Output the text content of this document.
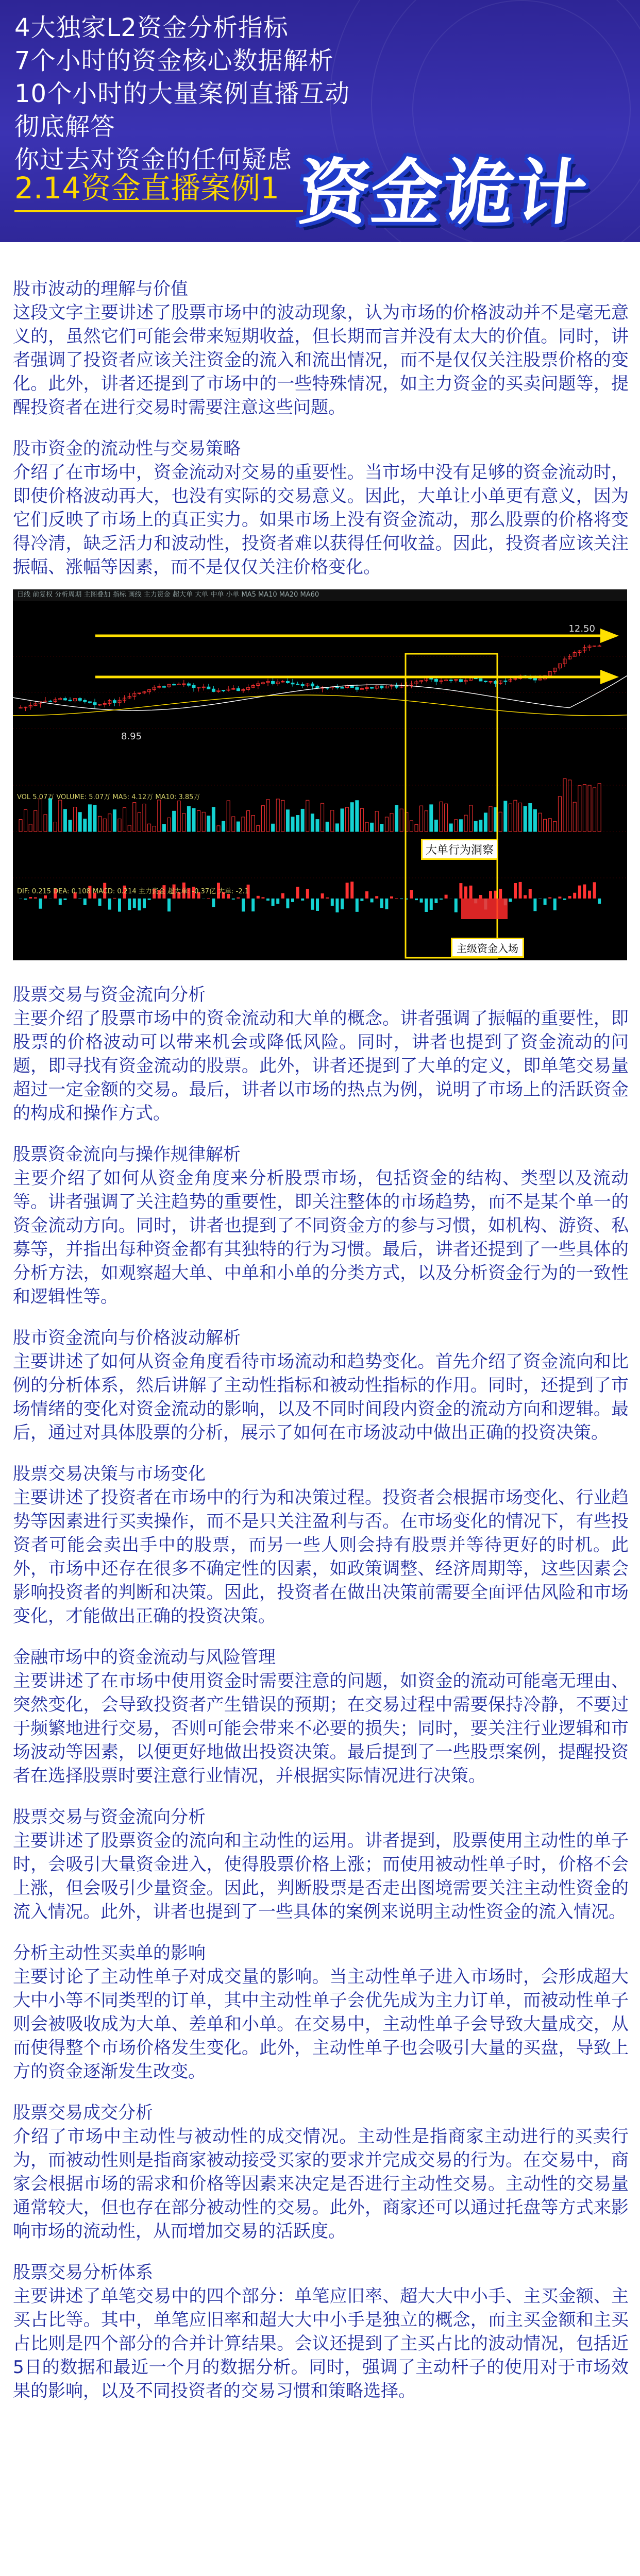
4大独家L2资金分析指标
7个小时的资金核心数据解析
10个小时的大量案例直播互动
彻底解答
你过去对资金的任何疑虑
2.14资金直播案例1 资金诡计
股市波动的理解与价值

这段文字主要讲述了股票市场中的波动现象，认为市场的价格波动并不是毫无意义的，虽然它们可能会带来短期收益，但长期而言并没有太大的价值。同时，讲者强调了投资者应该关注资金的流入和流出情况，而不是仅仅关注股票价格的变化。此外，讲者还提到了市场中的一些特殊情况，如主力资金的买卖问题等，提醒投资者在进行交易时需要注意这些问题。

股市资金的流动性与交易策略

介绍了在市场中，资金流动对交易的重要性。当市场中没有足够的资金流动时，即使价格波动再大，也没有实际的交易意义。因此，大单让小单更有意义，因为它们反映了市场上的真正实力。如果市场上没有资金流动，那么股票的价格将变得冷清，缺乏活力和波动性，投资者难以获得任何收益。因此，投资者应该关注振幅、涨幅等因素，而不是仅仅关注价格变化。

日线 前复权 分析周期 主图叠加 指标 画线 主力资金 超大单 大单 中单 小单 MA5 MA10 MA20 MA60
12.50
8.95
VOL 5.07万 VOLUME: 5.07万 MA5: 4.12万 MA10: 3.85万
DIF: 0.215 DEA: 0.108 MACD: 0.214 主力资金 超大单: -0.37亿 大单: -2.1
大单行为洞察
主级资金入场
股票交易与资金流向分析

主要介绍了股票市场中的资金流动和大单的概念。讲者强调了振幅的重要性，即股票的价格波动可以带来机会或降低风险。同时，讲者也提到了资金流动的问题，即寻找有资金流动的股票。此外，讲者还提到了大单的定义，即单笔交易量超过一定金额的交易。最后，讲者以市场的热点为例，说明了市场上的活跃资金的构成和操作方式。

股票资金流向与操作规律解析

主要介绍了如何从资金角度来分析股票市场，包括资金的结构、类型以及流动等。讲者强调了关注趋势的重要性，即关注整体的市场趋势，而不是某个单一的资金流动方向。同时，讲者也提到了不同资金方的参与习惯，如机构、游资、私募等，并指出每种资金都有其独特的行为习惯。最后，讲者还提到了一些具体的分析方法，如观察超大单、中单和小单的分类方式，以及分析资金行为的一致性和逻辑性等。

股市资金流向与价格波动解析

主要讲述了如何从资金角度看待市场流动和趋势变化。首先介绍了资金流向和比例的分析体系，然后讲解了主动性指标和被动性指标的作用。同时，还提到了市场情绪的变化对资金流动的影响，以及不同时间段内资金的流动方向和逻辑。最后，通过对具体股票的分析，展示了如何在市场波动中做出正确的投资决策。

股票交易决策与市场变化

主要讲述了投资者在市场中的行为和决策过程。投资者会根据市场变化、行业趋势等因素进行买卖操作，而不是只关注盈利与否。在市场变化的情况下，有些投资者可能会卖出手中的股票，而另一些人则会持有股票并等待更好的时机。此外，市场中还存在很多不确定性的因素，如政策调整、经济周期等，这些因素会影响投资者的判断和决策。因此，投资者在做出决策前需要全面评估风险和市场变化，才能做出正确的投资决策。

金融市场中的资金流动与风险管理

主要讲述了在市场中使用资金时需要注意的问题，如资金的流动可能毫无理由、突然变化，会导致投资者产生错误的预期；在交易过程中需要保持冷静，不要过于频繁地进行交易，否则可能会带来不必要的损失；同时，要关注行业逻辑和市场波动等因素，以便更好地做出投资决策。最后提到了一些股票案例，提醒投资者在选择股票时要注意行业情况，并根据实际情况进行决策。

股票交易与资金流向分析

主要讲述了股票资金的流向和主动性的运用。讲者提到，股票使用主动性的单子时，会吸引大量资金进入，使得股票价格上涨；而使用被动性单子时，价格不会上涨，但会吸引少量资金。因此，判断股票是否走出图境需要关注主动性资金的流入情况。此外，讲者也提到了一些具体的案例来说明主动性资金的流入情况。

分析主动性买卖单的影响

主要讨论了主动性单子对成交量的影响。当主动性单子进入市场时，会形成超大大中小等不同类型的订单，其中主动性单子会优先成为主力订单，而被动性单子则会被吸收成为大单、差单和小单。在交易中，主动性单子会导致大量成交，从而使得整个市场价格发生变化。此外，主动性单子也会吸引大量的买盘，导致上方的资金逐渐发生改变。

股票交易成交分析

介绍了市场中主动性与被动性的成交情况。主动性是指商家主动进行的买卖行为，而被动性则是指商家被动接受买家的要求并完成交易的行为。在交易中，商家会根据市场的需求和价格等因素来决定是否进行主动性交易。主动性的交易量通常较大，但也存在部分被动性的交易。此外，商家还可以通过托盘等方式来影响市场的流动性，从而增加交易的活跃度。

股票交易分析体系

主要讲述了单笔交易中的四个部分：单笔应旧率、超大大中小手、主买金额、主买占比等。其中，单笔应旧率和超大大中小手是独立的概念，而主买金额和主买占比则是四个部分的合并计算结果。会议还提到了主买占比的波动情况，包括近5日的数据和最近一个月的数据分析。同时，强调了主动杆子的使用对于市场效果的影响，以及不同投资者的交易习惯和策略选择。
